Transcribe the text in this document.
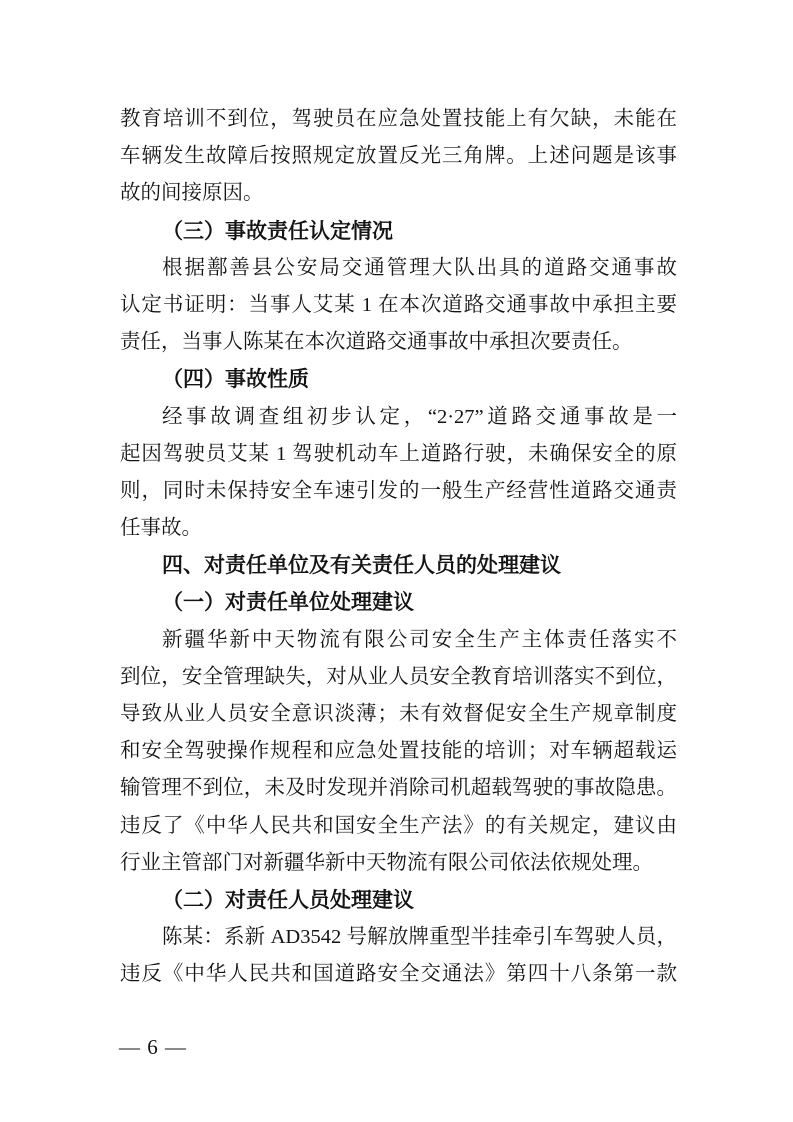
教育培训不到位，驾驶员在应急处置技能上有欠缺，未能在
车辆发生故障后按照规定放置反光三角牌。上述问题是该事
故的间接原因。
（三）事故责任认定情况
根据鄯善县公安局交通管理大队出具的道路交通事故
认定书证明：当事人艾某 1 在本次道路交通事故中承担主要
责任，当事人陈某在本次道路交通事故中承担次要责任。
（四）事故性质
经事故调查组初步认定，“2·27”道路交通事故是一
起因驾驶员艾某 1 驾驶机动车上道路行驶，未确保安全的原
则，同时未保持安全车速引发的一般生产经营性道路交通责
任事故。
四、对责任单位及有关责任人员的处理建议
（一）对责任单位处理建议
新疆华新中天物流有限公司安全生产主体责任落实不
到位，安全管理缺失，对从业人员安全教育培训落实不到位，
导致从业人员安全意识淡薄；未有效督促安全生产规章制度
和安全驾驶操作规程和应急处置技能的培训；对车辆超载运
输管理不到位，未及时发现并消除司机超载驾驶的事故隐患。
违反了《中华人民共和国安全生产法》的有关规定，建议由
行业主管部门对新疆华新中天物流有限公司依法依规处理。
（二）对责任人员处理建议
陈某：系新 AD3542 号解放牌重型半挂牵引车驾驶人员，
违反《中华人民共和国道路安全交通法》第四十八条第一款
— 6 —
